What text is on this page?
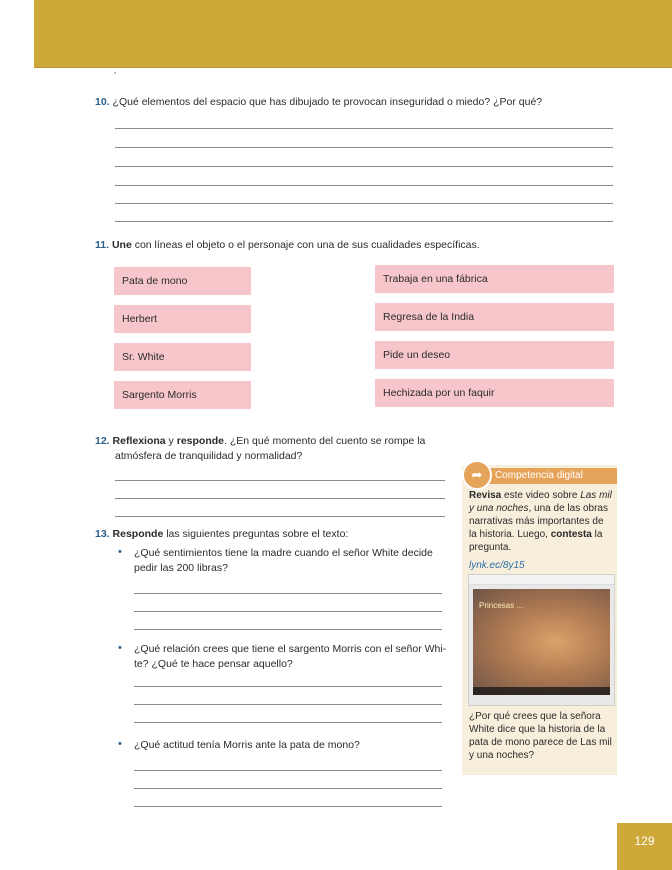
10. ¿Qué elementos del espacio que has dibujado te provocan inseguridad o miedo? ¿Por qué?
11. Une con líneas el objeto o el personaje con una de sus cualidades específicas.
Pata de mono
Herbert
Sr. White
Sargento Morris
Trabaja en una fábrica
Regresa de la India
Pide un deseo
Hechizada por un faquir
12. Reflexiona y responde. ¿En qué momento del cuento se rompe la
atmósfera de tranquilidad y normalidad?
13. Responde las siguientes preguntas sobre el texto:
• ¿Qué sentimientos tiene la madre cuando el señor White decide
pedir las 200 libras?
• ¿Qué relación crees que tiene el sargento Morris con el señor Whi-
te? ¿Qué te hace pensar aquello?
• ¿Qué actitud tenía Morris ante la pata de mono?
Competencia digital
➦
Revisa este video sobre Las mil
y una noches, una de las obras
narrativas más importantes de
la historia. Luego, contesta la
pregunta.
lynk.ec/8y15
Princesas ...
¿Por qué crees que la señora
White dice que la historia de la
pata de mono parece de Las mil
y una noches?
129
